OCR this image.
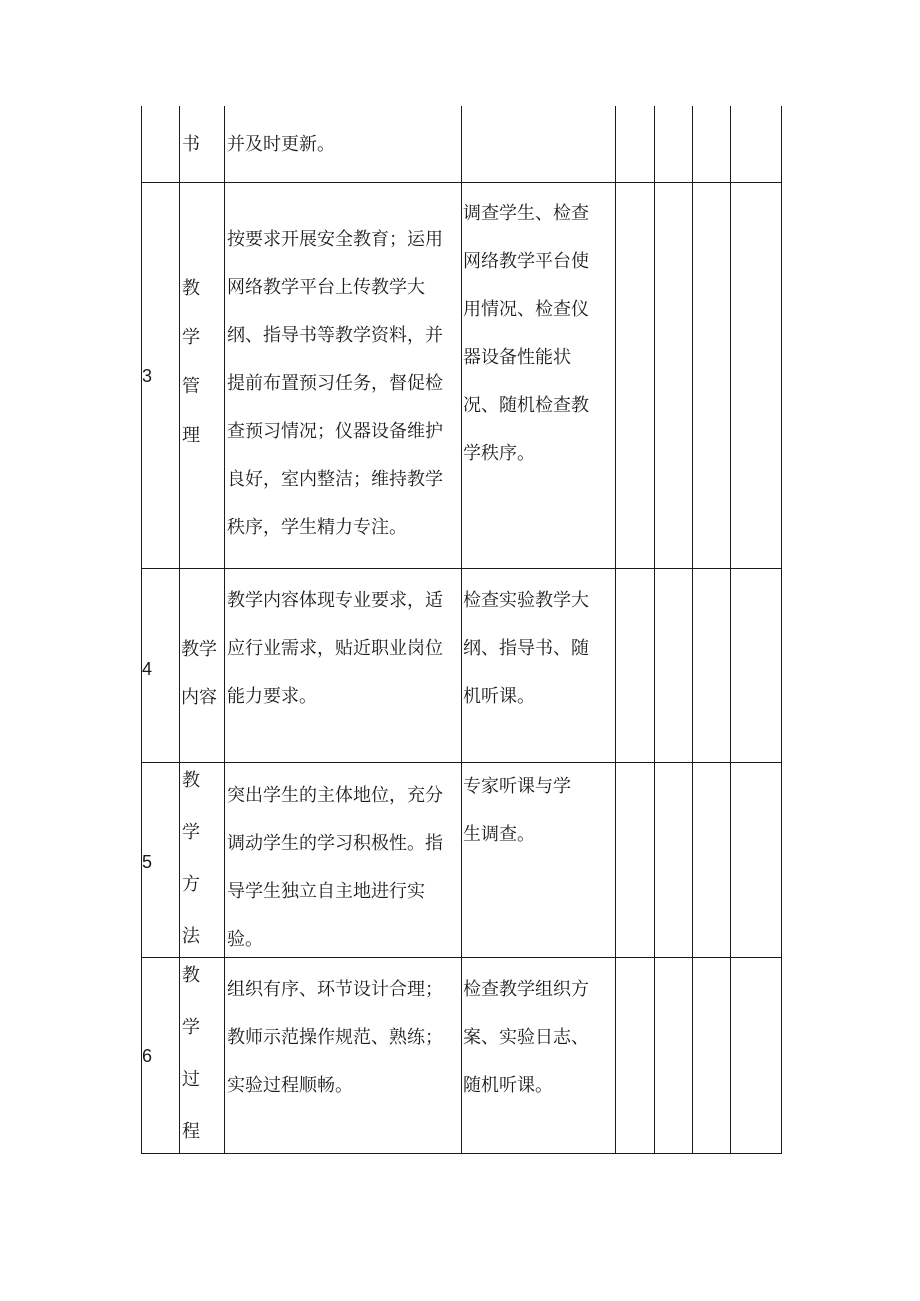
书 并及时更新。
3
教
学
管
理
按要求开展安全教育；运用
网络教学平台上传教学大
纲、指导书等教学资料，并
提前布置预习任务，督促检
查预习情况；仪器设备维护
良好，室内整洁；维持教学
秩序，学生精力专注。
调查学生、检查
网络教学平台使
用情况、检查仪
器设备性能状
况、随机检查教
学秩序。
4
教学
内容
教学内容体现专业要求，适
应行业需求，贴近职业岗位
能力要求。
检查实验教学大
纲、指导书、随
机听课。
5
教
学
方
法
突出学生的主体地位，充分
调动学生的学习积极性。指
导学生独立自主地进行实
验。
专家听课与学
生调查。
6
教
学
过
程
组织有序、环节设计合理；
教师示范操作规范、熟练；
实验过程顺畅。
检查教学组织方
案、实验日志、
随机听课。
